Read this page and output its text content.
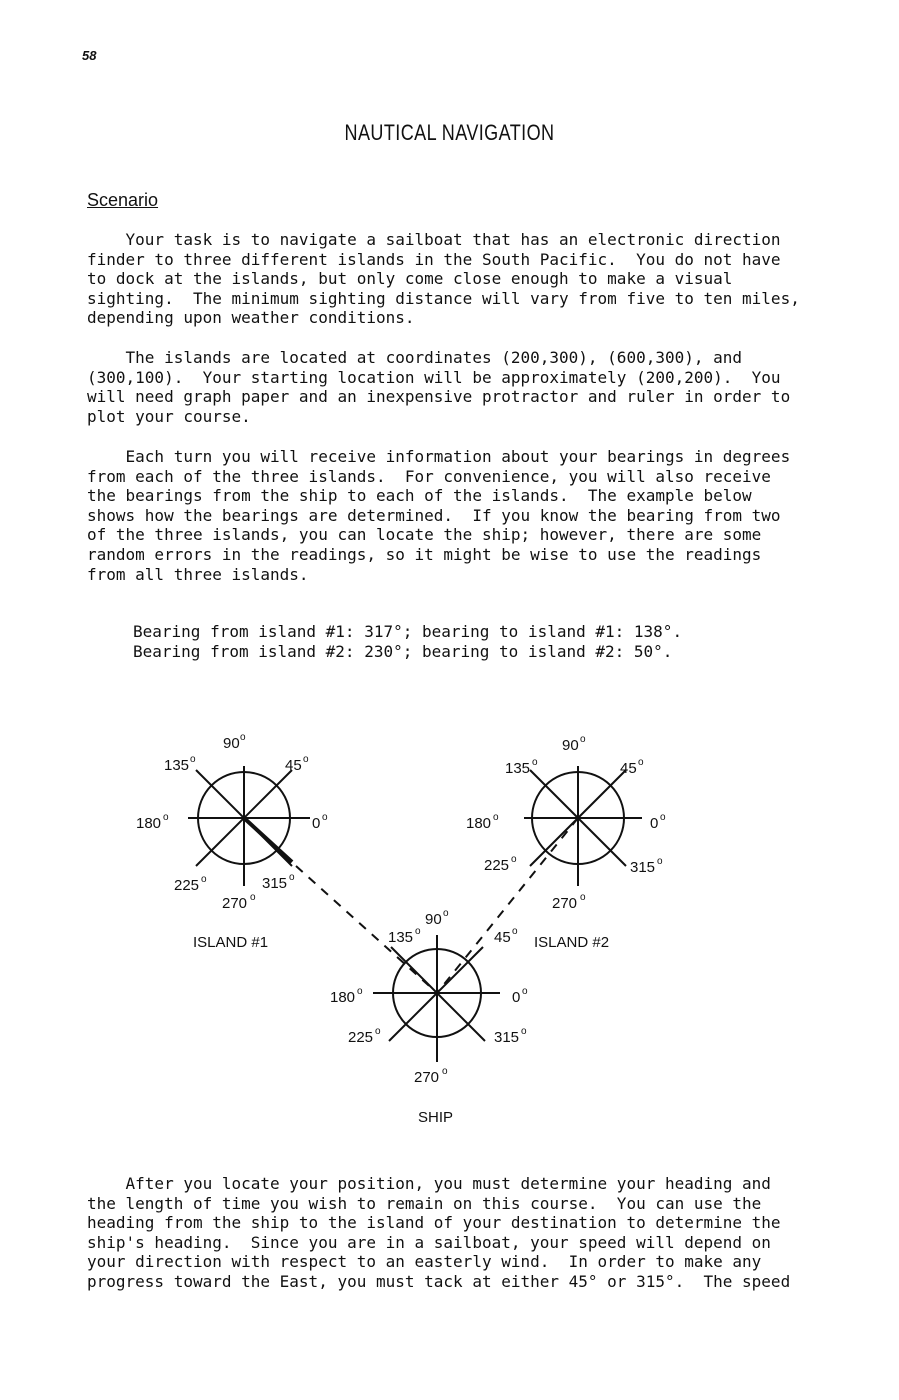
58
NAUTICAL NAVIGATION
Scenario
Your task is to navigate a sailboat that has an electronic direction
finder to three different islands in the South Pacific.  You do not have
to dock at the islands, but only come close enough to make a visual
sighting.  The minimum sighting distance will vary from five to ten miles,
depending upon weather conditions.
The islands are located at coordinates (200,300), (600,300), and
(300,100).  Your starting location will be approximately (200,200).  You
will need graph paper and an inexpensive protractor and ruler in order to
plot your course.
Each turn you will receive information about your bearings in degrees
from each of the three islands.  For convenience, you will also receive
the bearings from the ship to each of the islands.  The example below
shows how the bearings are determined.  If you know the bearing from two
of the three islands, you can locate the ship; however, there are some
random errors in the readings, so it might be wise to use the readings
from all three islands.
Bearing from island #1: 317°; bearing to island #1: 138°.
Bearing from island #2: 230°; bearing to island #2: 50°.
90 o
135 o	45 o
180 o	0 o
225 o	315 o
270 o
ISLAND #1
90 o
135 o	45 o
180 o	0 o
225 o	315 o
270 o
ISLAND #2
90 o
135 o	45 o
180 o	0 o
225 o	315 o
270 o
SHIP
After you locate your position, you must determine your heading and
the length of time you wish to remain on this course.  You can use the
heading from the ship to the island of your destination to determine the
ship's heading.  Since you are in a sailboat, your speed will depend on
your direction with respect to an easterly wind.  In order to make any
progress toward the East, you must tack at either 45° or 315°.  The speed
